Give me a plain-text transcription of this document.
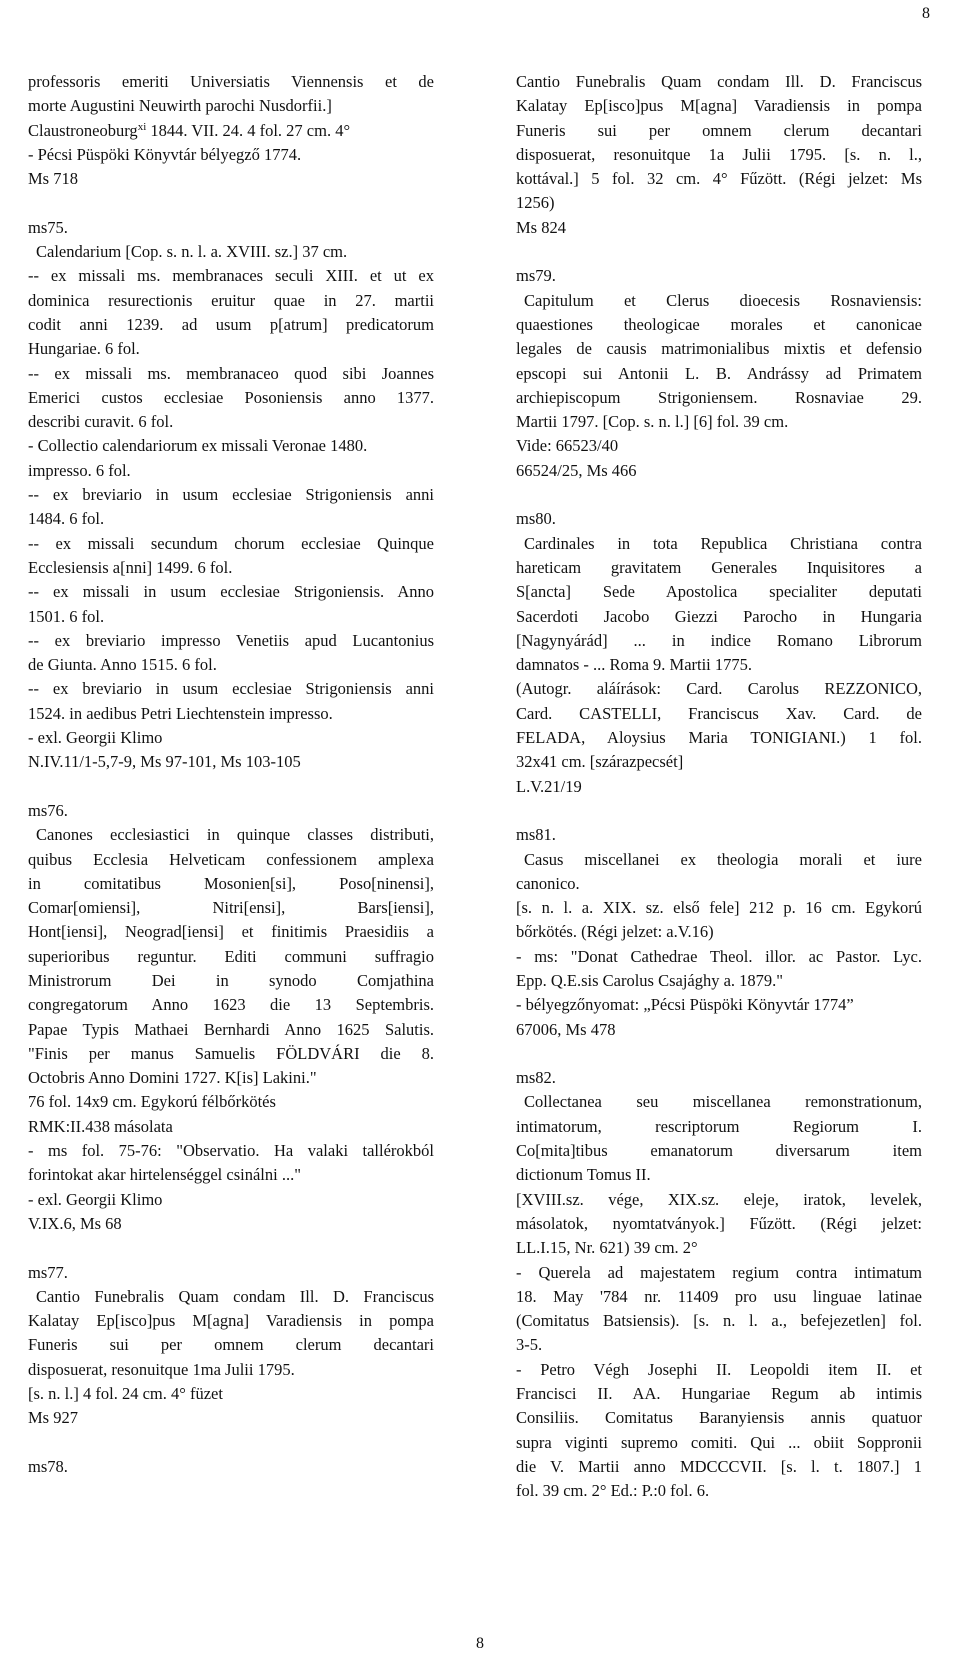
8
professoris emeriti Universiatis Viennensis et de
morte Augustini Neuwirth parochi Nusdorfii.]
Claustroneoburg$^{xi}$ 1844. VII. 24. 4 fol. 27 cm. 4°
- Pécsi Püspöki Könyvtár bélyegző 1774.
Ms 718
ms75.
Calendarium [Cop. s. n. l. a. XVIII. sz.] 37 cm.
-- ex missali ms. membranaces seculi XIII. et ut ex
dominica resurectionis eruitur quae in 27. martii
codit anni 1239. ad usum p[atrum] predicatorum
Hungariae. 6 fol.
-- ex missali ms. membranaceo quod sibi Joannes
Emerici custos ecclesiae Posoniensis anno 1377.
describi curavit. 6 fol.
- Collectio calendariorum ex missali Veronae 1480.
impresso. 6 fol.
-- ex breviario in usum ecclesiae Strigoniensis anni
1484. 6 fol.
-- ex missali secundum chorum ecclesiae Quinque
Ecclesiensis a[nni] 1499. 6 fol.
-- ex missali in usum ecclesiae Strigoniensis. Anno
1501. 6 fol.
-- ex breviario impresso Venetiis apud Lucantonius
de Giunta. Anno 1515. 6 fol.
-- ex breviario in usum ecclesiae Strigoniensis anni
1524. in aedibus Petri Liechtenstein impresso.
- exl. Georgii Klimo
N.IV.11/1-5,7-9, Ms 97-101, Ms 103-105
ms76.
Canones ecclesiastici in quinque classes distributi,
quibus Ecclesia Helveticam confessionem amplexa
in comitatibus Mosonien[si], Poso[ninensi],
Comar[omiensi], Nitri[ensi], Bars[iensi],
Hont[iensi], Neograd[iensi] et finitimis Praesidiis a
superioribus reguntur. Editi communi suffragio
Ministrorum Dei in synodo Comjathina
congregatorum Anno 1623 die 13 Septembris.
Papae Typis Mathaei Bernhardi Anno 1625 Salutis.
"Finis per manus Samuelis FÖLDVÁRI die 8.
Octobris Anno Domini 1727. K[is] Lakini."
76 fol. 14x9 cm. Egykorú félbőrkötés
RMK:II.438 másolata
- ms fol. 75-76: "Observatio. Ha valaki tallérokból
forintokat akar hirtelenséggel csinálni ..."
- exl. Georgii Klimo
V.IX.6, Ms 68
ms77.
Cantio Funebralis Quam condam Ill. D. Franciscus
Kalatay Ep[isco]pus M[agna] Varadiensis in pompa
Funeris sui per omnem clerum decantari
disposuerat, resonuitque 1ma Julii 1795.
[s. n. l.] 4 fol. 24 cm. 4° füzet
Ms 927
ms78.
Cantio Funebralis Quam condam Ill. D. Franciscus
Kalatay Ep[isco]pus M[agna] Varadiensis in pompa
Funeris sui per omnem clerum decantari
disposuerat, resonuitque 1a Julii 1795. [s. n. l.,
kottával.] 5 fol. 32 cm. 4° Fűzött. (Régi jelzet: Ms
1256)
Ms 824
ms79.
Capitulum et Clerus dioecesis Rosnaviensis:
quaestiones theologicae morales et canonicae
legales de causis matrimonialibus mixtis et defensio
epscopi sui Antonii L. B. Andrássy ad Primatem
archiepiscopum Strigoniensem. Rosnaviae 29.
Martii 1797. [Cop. s. n. l.] [6] fol. 39 cm.
Vide: 66523/40
66524/25, Ms 466
ms80.
Cardinales in tota Republica Christiana contra
hareticam gravitatem Generales Inquisitores a
S[ancta] Sede Apostolica specialiter deputati
Sacerdoti Jacobo Giezzi Parocho in Hungaria
[Nagynyárád] ... in indice Romano Librorum
damnatos - ... Roma 9. Martii 1775.
(Autogr. aláírások: Card. Carolus REZZONICO,
Card. CASTELLI, Franciscus Xav. Card. de
FELADA, Aloysius Maria TONIGIANI.) 1 fol.
32x41 cm. [szárazpecsét]
L.V.21/19
ms81.
Casus miscellanei ex theologia morali et iure
canonico.
[s. n. l. a. XIX. sz. első fele] 212 p. 16 cm. Egykorú
bőrkötés. (Régi jelzet: a.V.16)
- ms: "Donat Cathedrae Theol. illor. ac Pastor. Lyc.
Epp. Q.E.sis Carolus Csajághy a. 1879."
- bélyegzőnyomat: „Pécsi Püspöki Könyvtár 1774”
67006, Ms 478
ms82.
Collectanea seu miscellanea remonstrationum,
intimatorum, rescriptorum Regiorum I.
Co[mita]tibus emanatorum diversarum item
dictionum Tomus II.
[XVIII.sz. vége, XIX.sz. eleje, iratok, levelek,
másolatok, nyomtatványok.] Fűzött. (Régi jelzet:
LL.I.15, Nr. 621) 39 cm. 2°
- Querela ad majestatem regium contra intimatum
18. May '784 nr. 11409 pro usu linguae latinae
(Comitatus Batsiensis). [s. n. l. a., befejezetlen] fol.
3-5.
- Petro Végh Josephi II. Leopoldi item II. et
Francisci II. AA. Hungariae Regum ab intimis
Consiliis. Comitatus Baranyiensis annis quatuor
supra viginti supremo comiti. Qui ... obiit Soppronii
die V. Martii anno MDCCCVII. [s. l. t. 1807.] 1
fol. 39 cm. 2° Ed.: P.:0 fol. 6.
8
